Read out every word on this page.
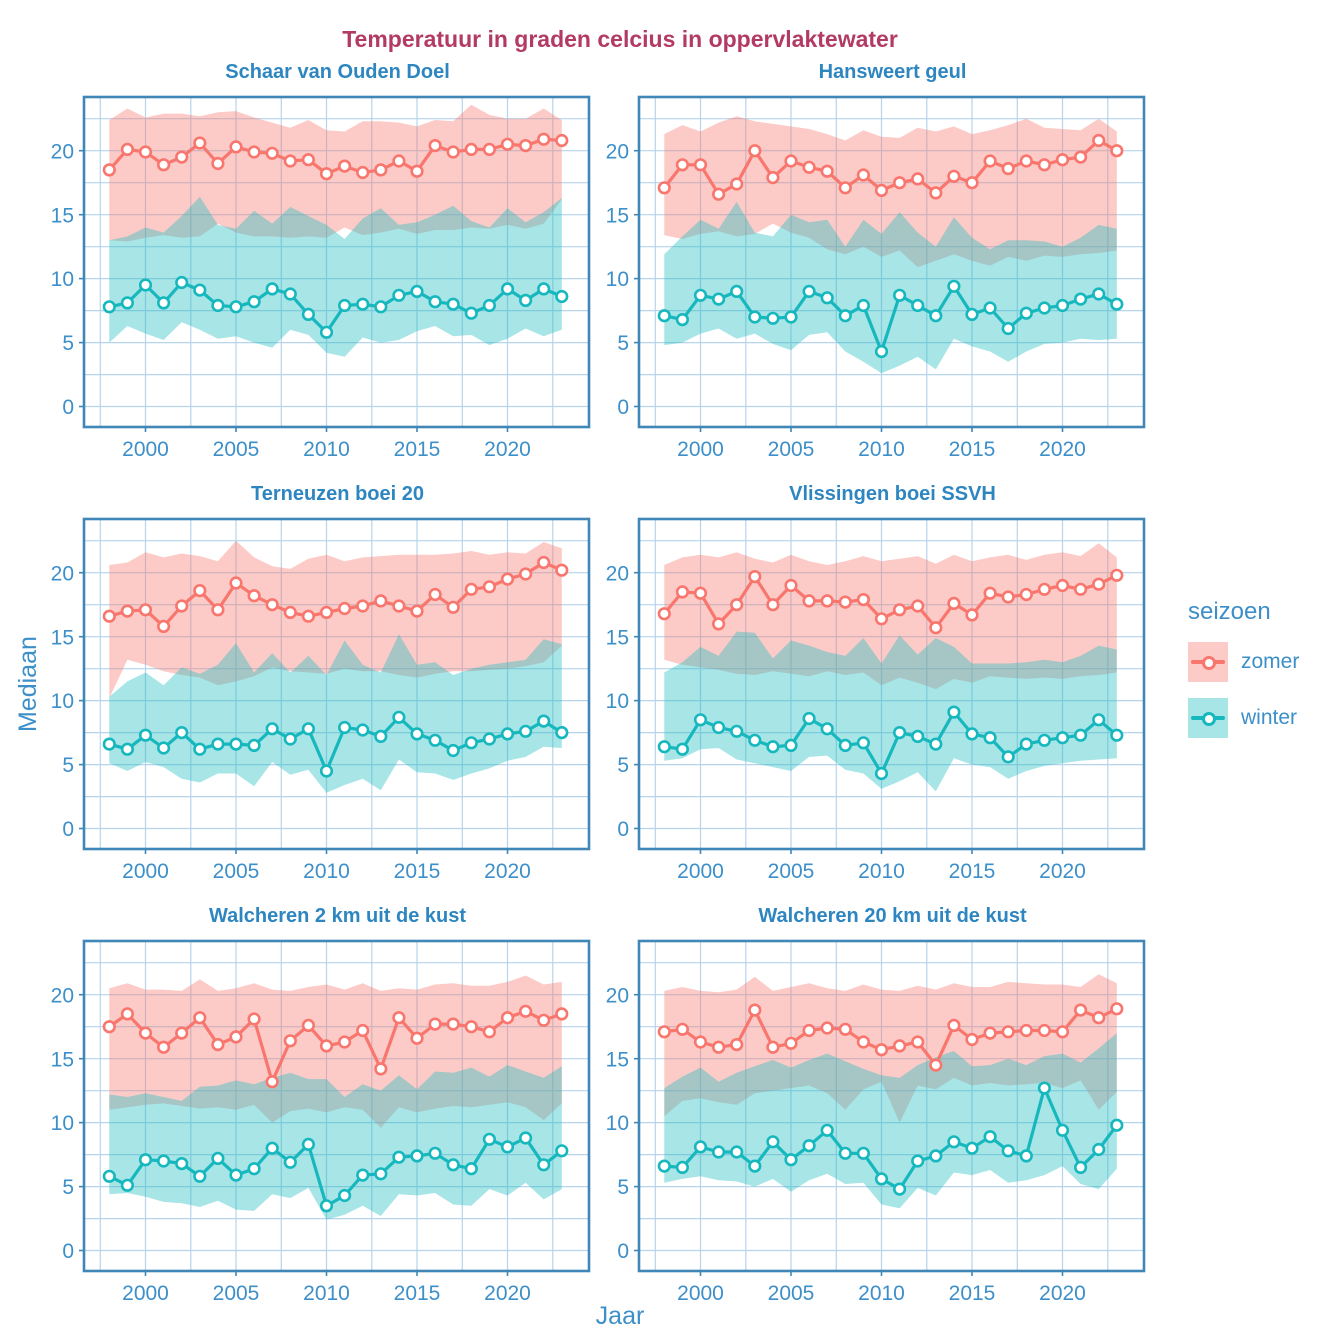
Temperatuur in graden celcius in oppervlaktewater
Schaar van Ouden Doel
0
5
10
15
20
2000 2005 2010 2015 2020
Hansweert geul
0
5
10
15
20
2000 2005 2010 2015 2020
Terneuzen boei 20
0
5
10
15
20
2000 2005 2010 2015 2020
Vlissingen boei SSVH
0
5
10
15
20
2000 2005 2010 2015 2020
Walcheren 2 km uit de kust
0
5
10
15
20
2000 2005 2010 2015 2020
Walcheren 20 km uit de kust
0
5
10
15
20
2000 2005 2010 2015 2020
Mediaan
Jaar
seizoen
zomer
winter
